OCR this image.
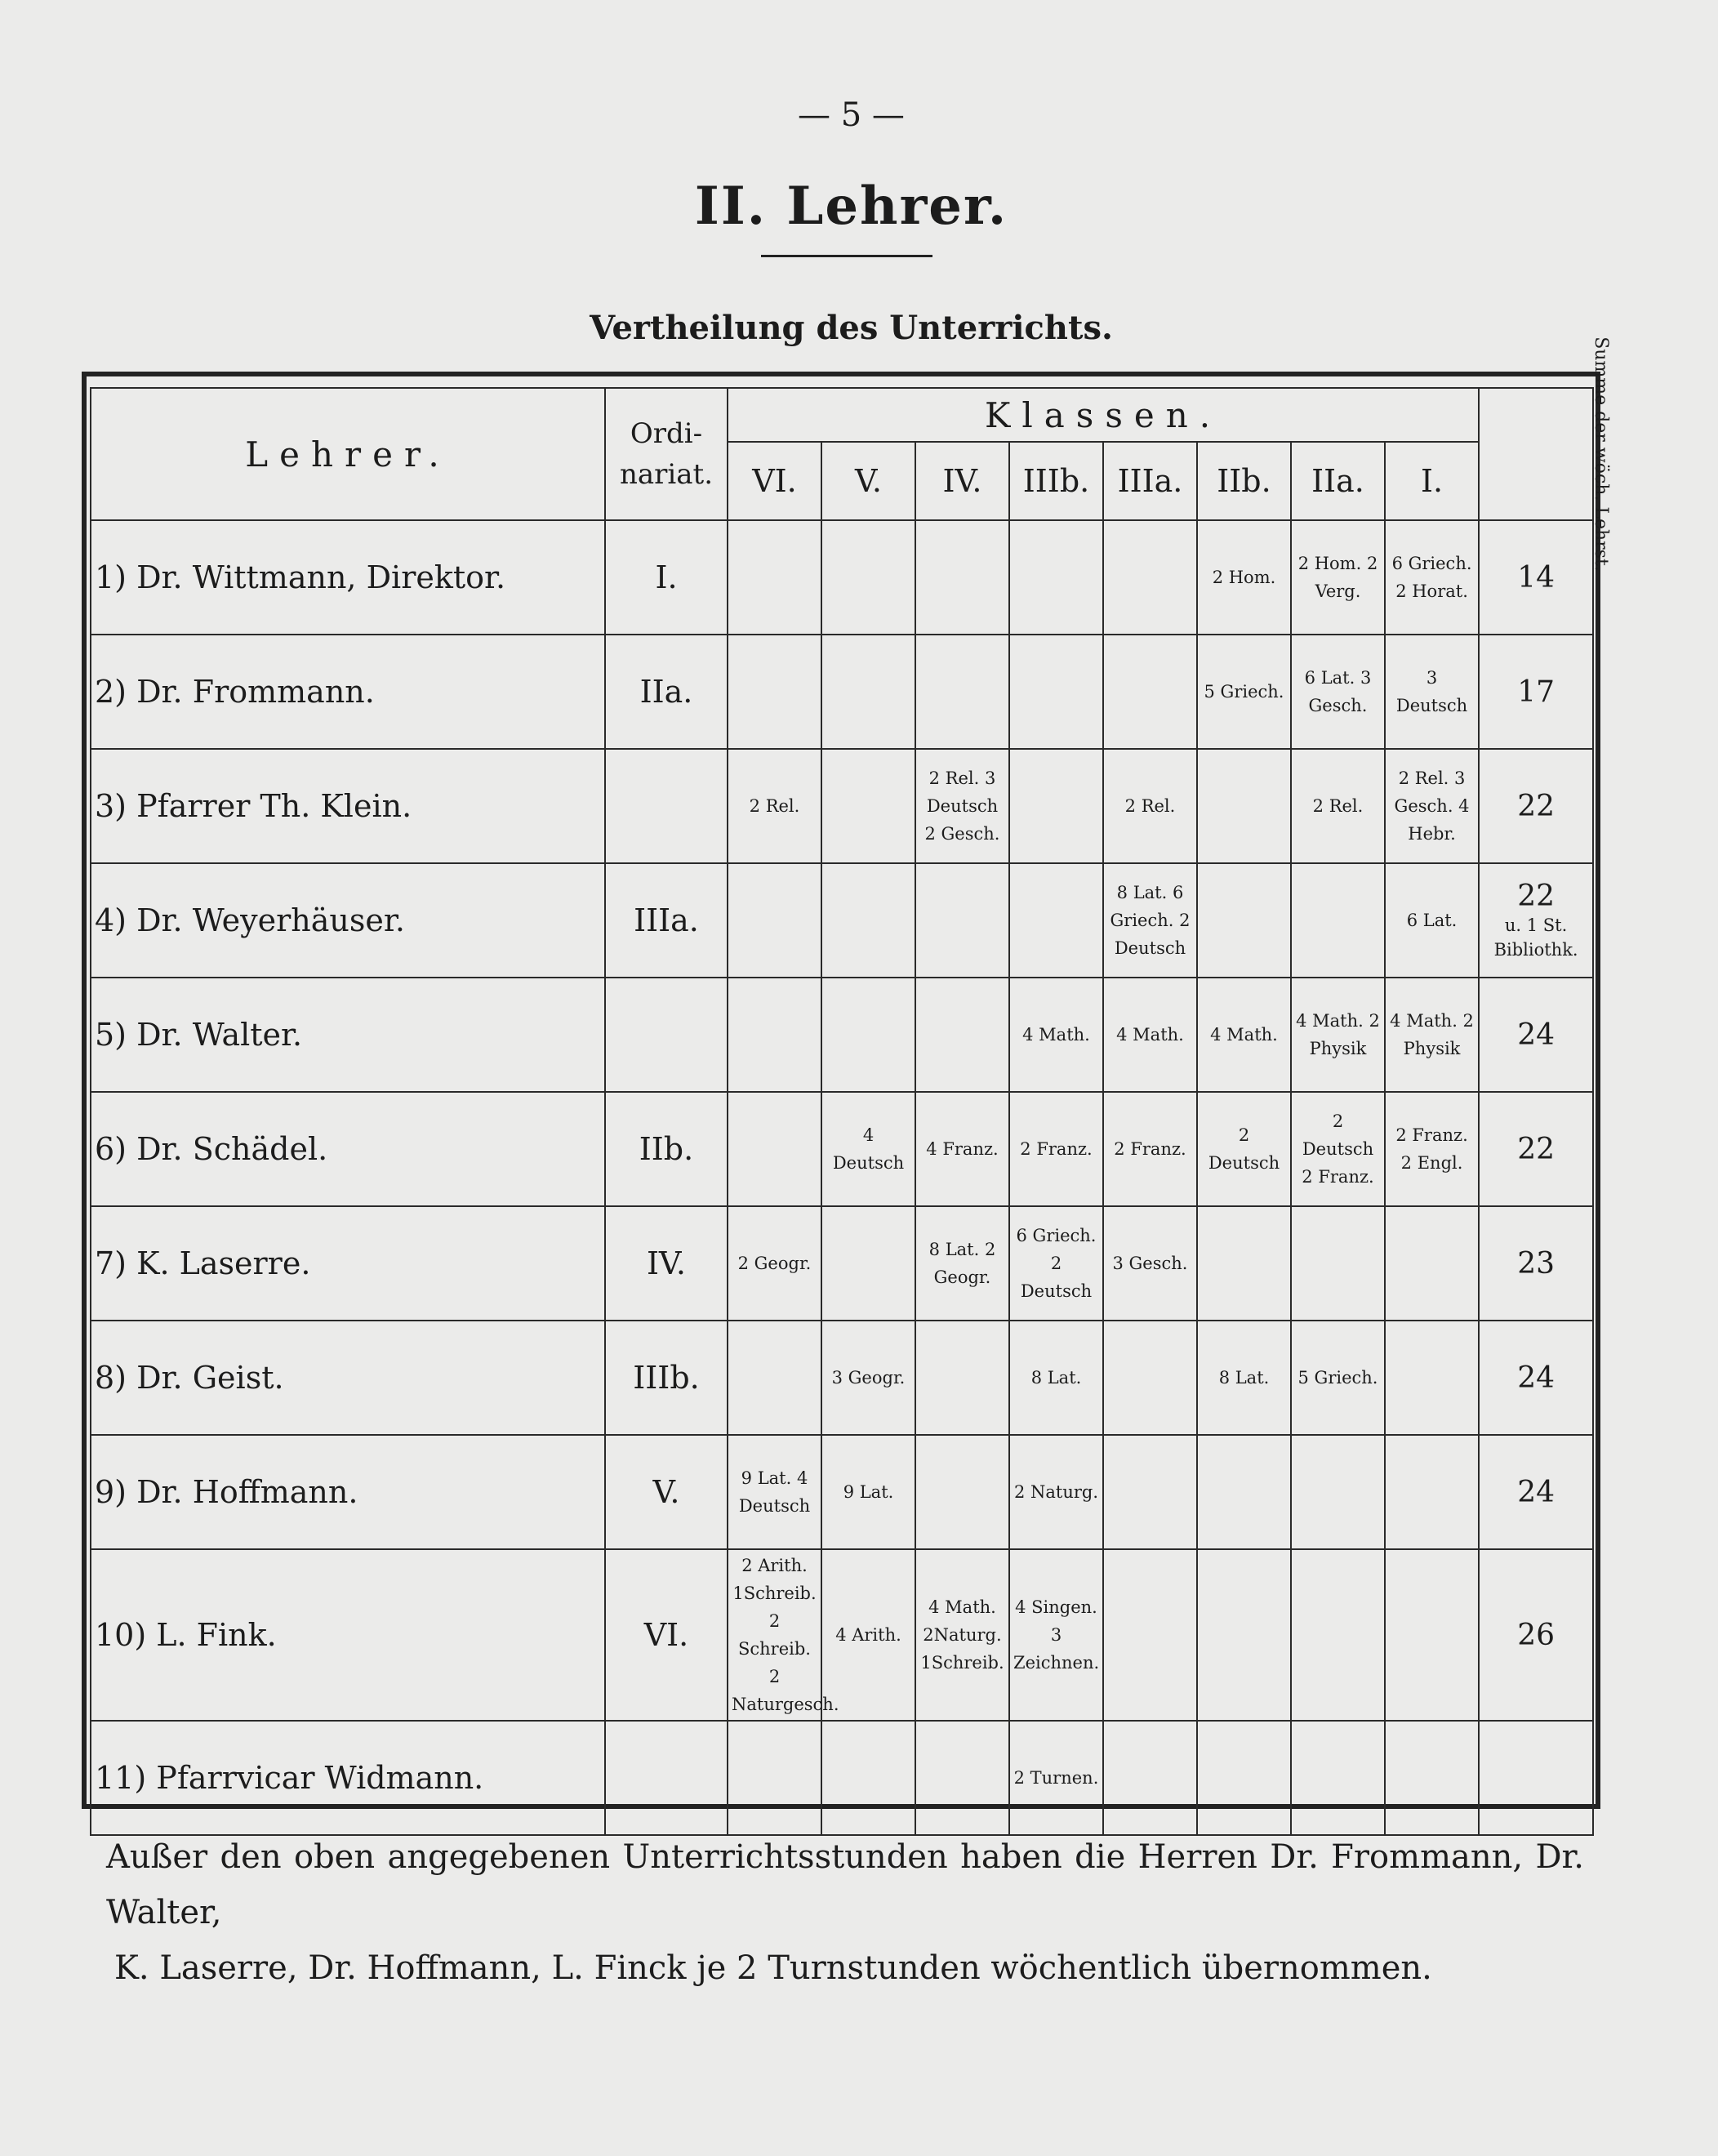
— 5 —
II. Lehrer.
Vertheilung des Unterrichts.
Lehrer.	Ordi-nariat.	Klassen.								Summe der wöch. Lehrst.
		VI.	V.	IV.	IIIb.	IIIa.	IIb.	IIa.	I.	
1) Dr. Wittmann, Direktor.	I.						2 Hom.	2 Hom. 2 Verg.	6 Griech. 2 Horat.	14

2) Dr. Frommann.	IIa.						5 Griech.	6 Lat. 3 Gesch.	3 Deutsch	17

3) Pfarrer Th. Klein.		2 Rel.		2 Rel. 3 Deutsch 2 Gesch.		2 Rel.		2 Rel.	2 Rel. 3 Gesch. 4 Hebr.	22

4) Dr. Weyerhäuser.	IIIa.					8 Lat. 6 Griech. 2 Deutsch			6 Lat.	22
u. 1 St. Bibliothk.

5) Dr. Walter.					4 Math.	4 Math.	4 Math.	4 Math. 2 Physik	4 Math. 2 Physik	24

6) Dr. Schädel.	IIb.		4 Deutsch	4 Franz.	2 Franz.	2 Franz.	2 Deutsch	2 Deutsch 2 Franz.	2 Franz. 2 Engl.	22

7) K. Laserre.	IV.	2 Geogr.		8 Lat. 2 Geogr.	6 Griech. 2 Deutsch	3 Gesch.				23

8) Dr. Geist.	IIIb.		3 Geogr.		8 Lat.		8 Lat.	5 Griech.		24

9) Dr. Hoffmann.	V.	9 Lat. 4 Deutsch	9 Lat.		2 Naturg.					24

10) L. Fink.	VI.	2 Arith. 1Schreib. 2 Schreib. 2 Naturgesch.	4 Arith.	4 Math. 2Naturg. 1Schreib.	4 Singen. 3 Zeichnen.					26

11) Pfarrvicar Widmann.					2 Turnen.					
Außer den oben angegebenen Unterrichtsstunden haben die Herren Dr. Frommann, Dr. Walter,
K. Laserre, Dr. Hoffmann, L. Finck je 2 Turnstunden wöchentlich übernommen.
